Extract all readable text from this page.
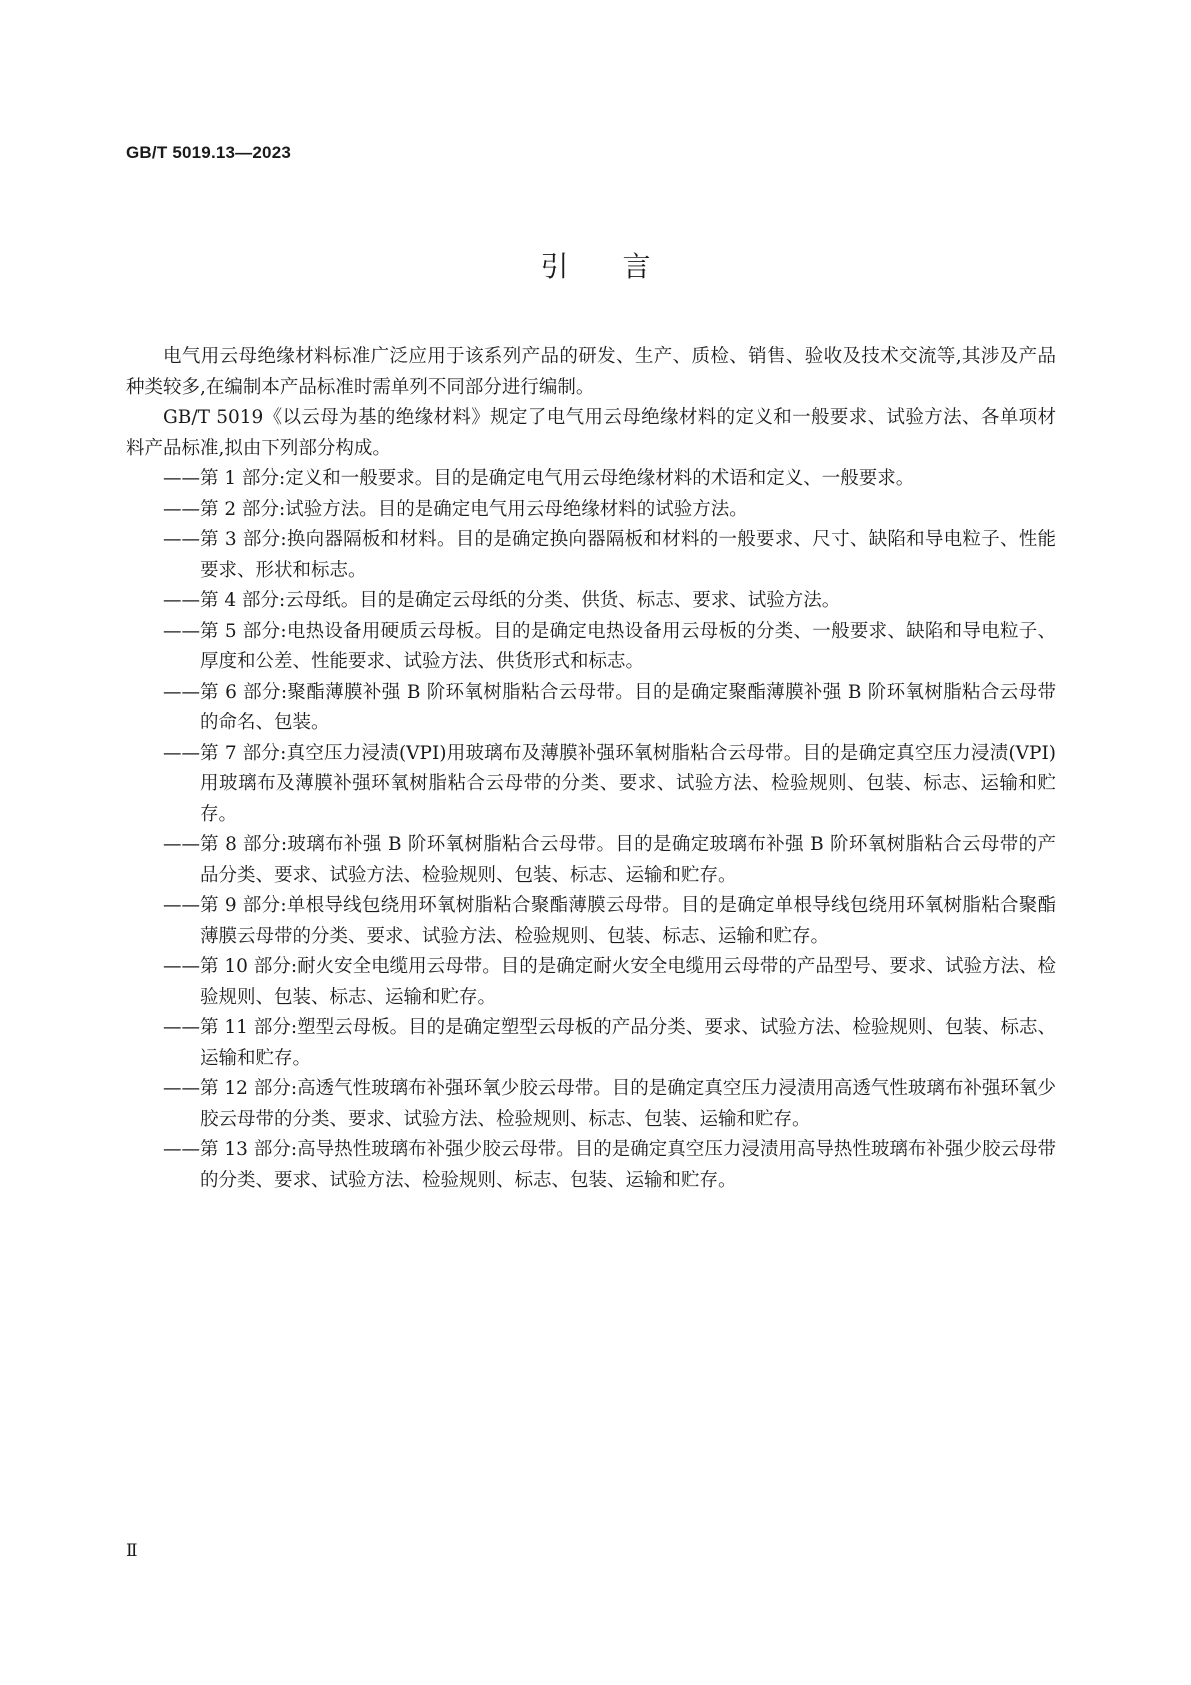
GB/T 5019.13—2023
引言

电气用云母绝缘材料标准广泛应用于该系列产品的研发、生产、质检、销售、验收及技术交流等,其涉及产品种类较多,在编制本产品标准时需单列不同部分进行编制。

GB/T 5019《以云母为基的绝缘材料》规定了电气用云母绝缘材料的定义和一般要求、试验方法、各单项材料产品标准,拟由下列部分构成。

—— 第 1 部分:定义和一般要求。目的是确定电气用云母绝缘材料的术语和定义、一般要求。
—— 第 2 部分:试验方法。目的是确定电气用云母绝缘材料的试验方法。
—— 第 3 部分:换向器隔板和材料。目的是确定换向器隔板和材料的一般要求、尺寸、缺陷和导电粒子、性能要求、形状和标志。
—— 第 4 部分:云母纸。目的是确定云母纸的分类、供货、标志、要求、试验方法。
—— 第 5 部分:电热设备用硬质云母板。目的是确定电热设备用云母板的分类、一般要求、缺陷和导电粒子、厚度和公差、性能要求、试验方法、供货形式和标志。
—— 第 6 部分:聚酯薄膜补强 B 阶环氧树脂粘合云母带。目的是确定聚酯薄膜补强 B 阶环氧树脂粘合云母带的命名、包装。
—— 第 7 部分:真空压力浸渍(VPI)用玻璃布及薄膜补强环氧树脂粘合云母带。目的是确定真空压力浸渍(VPI)用玻璃布及薄膜补强环氧树脂粘合云母带的分类、要求、试验方法、检验规则、包装、标志、运输和贮存。
—— 第 8 部分:玻璃布补强 B 阶环氧树脂粘合云母带。目的是确定玻璃布补强 B 阶环氧树脂粘合云母带的产品分类、要求、试验方法、检验规则、包装、标志、运输和贮存。
—— 第 9 部分:单根导线包绕用环氧树脂粘合聚酯薄膜云母带。目的是确定单根导线包绕用环氧树脂粘合聚酯薄膜云母带的分类、要求、试验方法、检验规则、包装、标志、运输和贮存。
—— 第 10 部分:耐火安全电缆用云母带。目的是确定耐火安全电缆用云母带的产品型号、要求、试验方法、检验规则、包装、标志、运输和贮存。
—— 第 11 部分:塑型云母板。目的是确定塑型云母板的产品分类、要求、试验方法、检验规则、包装、标志、运输和贮存。
—— 第 12 部分:高透气性玻璃布补强环氧少胶云母带。目的是确定真空压力浸渍用高透气性玻璃布补强环氧少胶云母带的分类、要求、试验方法、检验规则、标志、包装、运输和贮存。
—— 第 13 部分:高导热性玻璃布补强少胶云母带。目的是确定真空压力浸渍用高导热性玻璃布补强少胶云母带的分类、要求、试验方法、检验规则、标志、包装、运输和贮存。
Ⅱ
